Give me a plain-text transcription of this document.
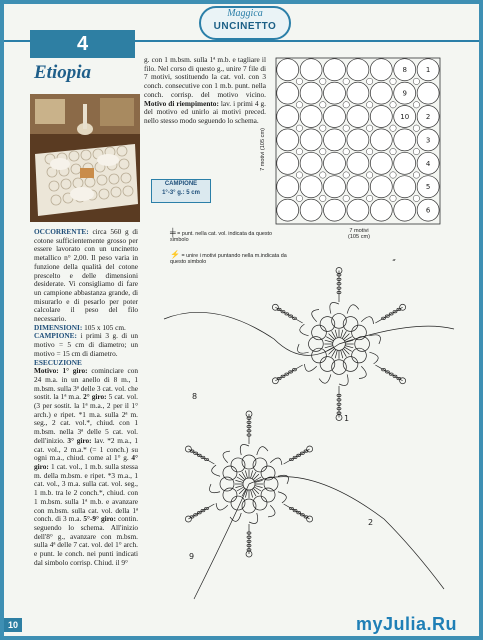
Maggica
UNCINETTO
4
Etiopia
OCCORRENTE: circa 560 g di cotone sufficientemente grosso per essere lavorato con un uncinetto metallico n° 2,00. Il peso varia in funzione della qualità del cotone prescelto e delle dimensioni desiderate. Vi consigliamo di fare un campione abbastanza grande, di misurarlo e di pesarlo per poter calcolare il peso del filo necessario.
DIMENSIONI: 105 x 105 cm.
CAMPIONE: i primi 3 g. di un motivo = 5 cm di diametro; un motivo = 15 cm di diametro.

ESECUZIONE
Motivo: 1° giro: cominciare con 24 m.a. in un anello di 8 m., 1 m.bsm. sulla 3ª delle 3 cat. vol. che sostit. la 1ª m.a. 2° giro: 5 cat. vol. (3 per sostit. la 1ª m.a., 2 per il 1° arch.) e ripet. *1 m.a. sulla 2ª m. seg., 2 cat. vol.*, chiud. con 1 m.bsm. nella 3ª delle 5 cat. vol. dell'inizio. 3° giro: lav. *2 m.a., 1 cat. vol., 2 m.a.* (= 1 conch.) su ogni m.a., chiud. come al 1° g. 4° giro: 1 cat. vol., 1 m.b. sulla stessa m. della m.bsm. e ripet. *3 m.a., 1 cat. vol., 3 m.a. sulla cat. vol. seg., 1 m.b. tra le 2 conch.*, chiud. con 1 m.bsm. sulla 1ª m.b. e avanzare con m.bsm. sulla cat. vol. della 1ª conch. di 3 m.a. 5°-9° giro: contin. seguendo lo schema. All'inizio dell'8° g., avanzare con m.bsm. sulla 4ª delle 7 cat. vol. del 1° arch. e punt. le conch. nei punti indicati dal simbolo corrisp. Chiud. il 9°
g. con 1 m.bsm. sulla 1ª m.b. e tagliare il filo. Nel corso di questo g., unire 7 file di 7 motivi, sostituendo la cat. vol. con 3 conch. consecutive con 1 m.b. punt. nella conch. corrisp. del motivo vicino. Motivo di riempimento: lav. i primi 4 g. del motivo ed unirlo ai motivi preced. nello stesso modo seguendo lo schema.
CAMPIONE
1°-3° g.: 5 cm
8	1
9
10 2
3
4
5
6
7 motivi (105 cm)
7 motivi
(105 cm)
╪ = punt. nella cat. vol. indicata da questo simbolo
⚡ = unire i motivi puntando nella m.indicata da questo simbolo
8
1
9
2
9
myJulia.Ru
10
